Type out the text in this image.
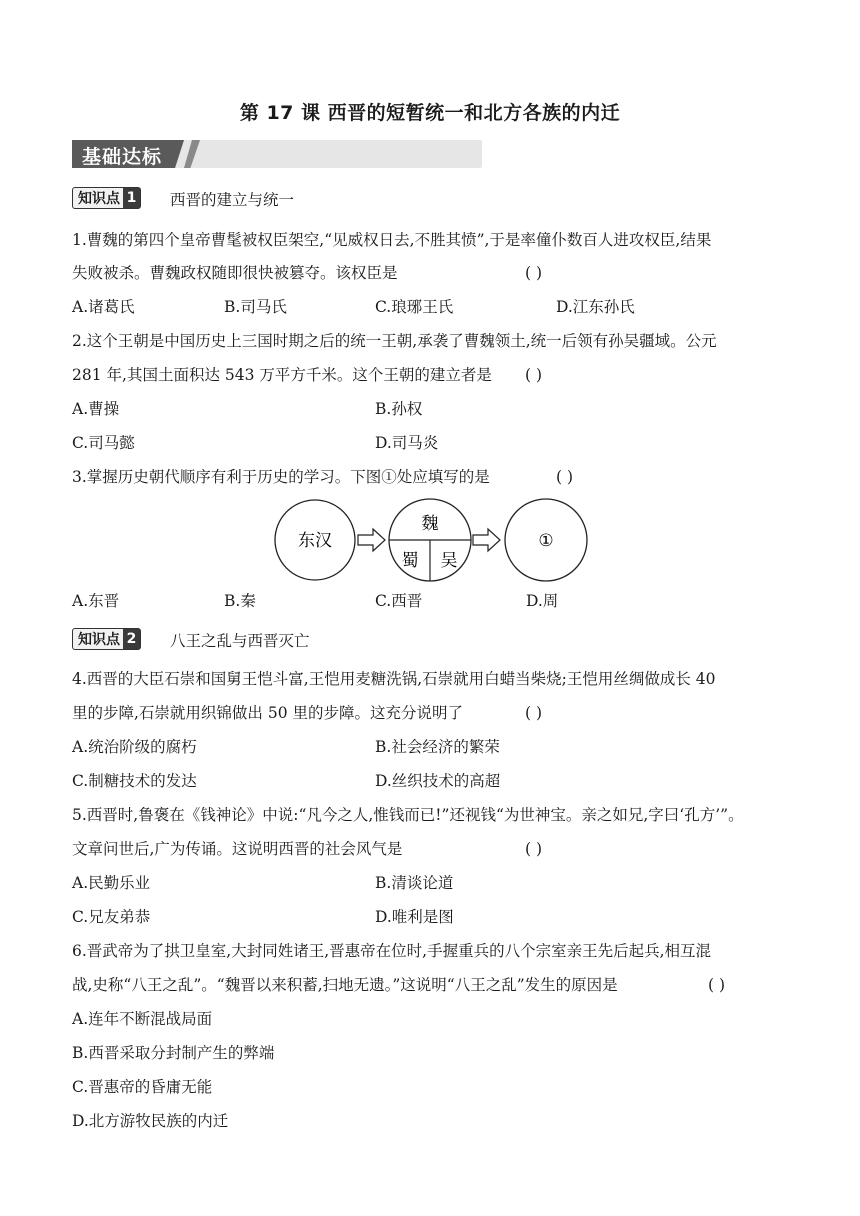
第 17 课 西晋的短暂统一和北方各族的内迁
基础达标
知识点 1 西晋的建立与统一
1.曹魏的第四个皇帝曹髦被权臣架空,“见威权日去,不胜其愤”,于是率僮仆数百人进攻权臣,结果
失败被杀。曹魏政权随即很快被篡夺。该权臣是	( )
A.诸葛氏	B.司马氏	C.琅琊王氏	D.江东孙氏
2.这个王朝是中国历史上三国时期之后的统一王朝,承袭了曹魏领土,统一后领有孙吴疆域。公元
281 年,其国土面积达 543 万平方千米。这个王朝的建立者是 ( )
A.曹操	B.孙权
C.司马懿	D.司马炎
3.掌握历史朝代顺序有利于历史的学习。下图①处应填写的是	( )
东汉
魏
蜀 吴
①
A.东晋	B.秦	C.西晋	D.周
知识点 2 八王之乱与西晋灭亡
4.西晋的大臣石崇和国舅王恺斗富,王恺用麦糖洗锅,石崇就用白蜡当柴烧;王恺用丝绸做成长 40
里的步障,石崇就用织锦做出 50 里的步障。这充分说明了	( )
A.统治阶级的腐朽	B.社会经济的繁荣
C.制糖技术的发达	D.丝织技术的高超
5.西晋时,鲁褒在《钱神论》中说:“凡今之人,惟钱而已!”还视钱“为世神宝。亲之如兄,字曰‘孔方’”。
文章问世后,广为传诵。这说明西晋的社会风气是	( )
A.民勤乐业	B.清谈论道
C.兄友弟恭	D.唯利是图
6.晋武帝为了拱卫皇室,大封同姓诸王,晋惠帝在位时,手握重兵的八个宗室亲王先后起兵,相互混
战,史称“八王之乱”。“魏晋以来积蓄,扫地无遗。”这说明“八王之乱”发生的原因是	( )
A.连年不断混战局面
B.西晋采取分封制产生的弊端
C.晋惠帝的昏庸无能
D.北方游牧民族的内迁
